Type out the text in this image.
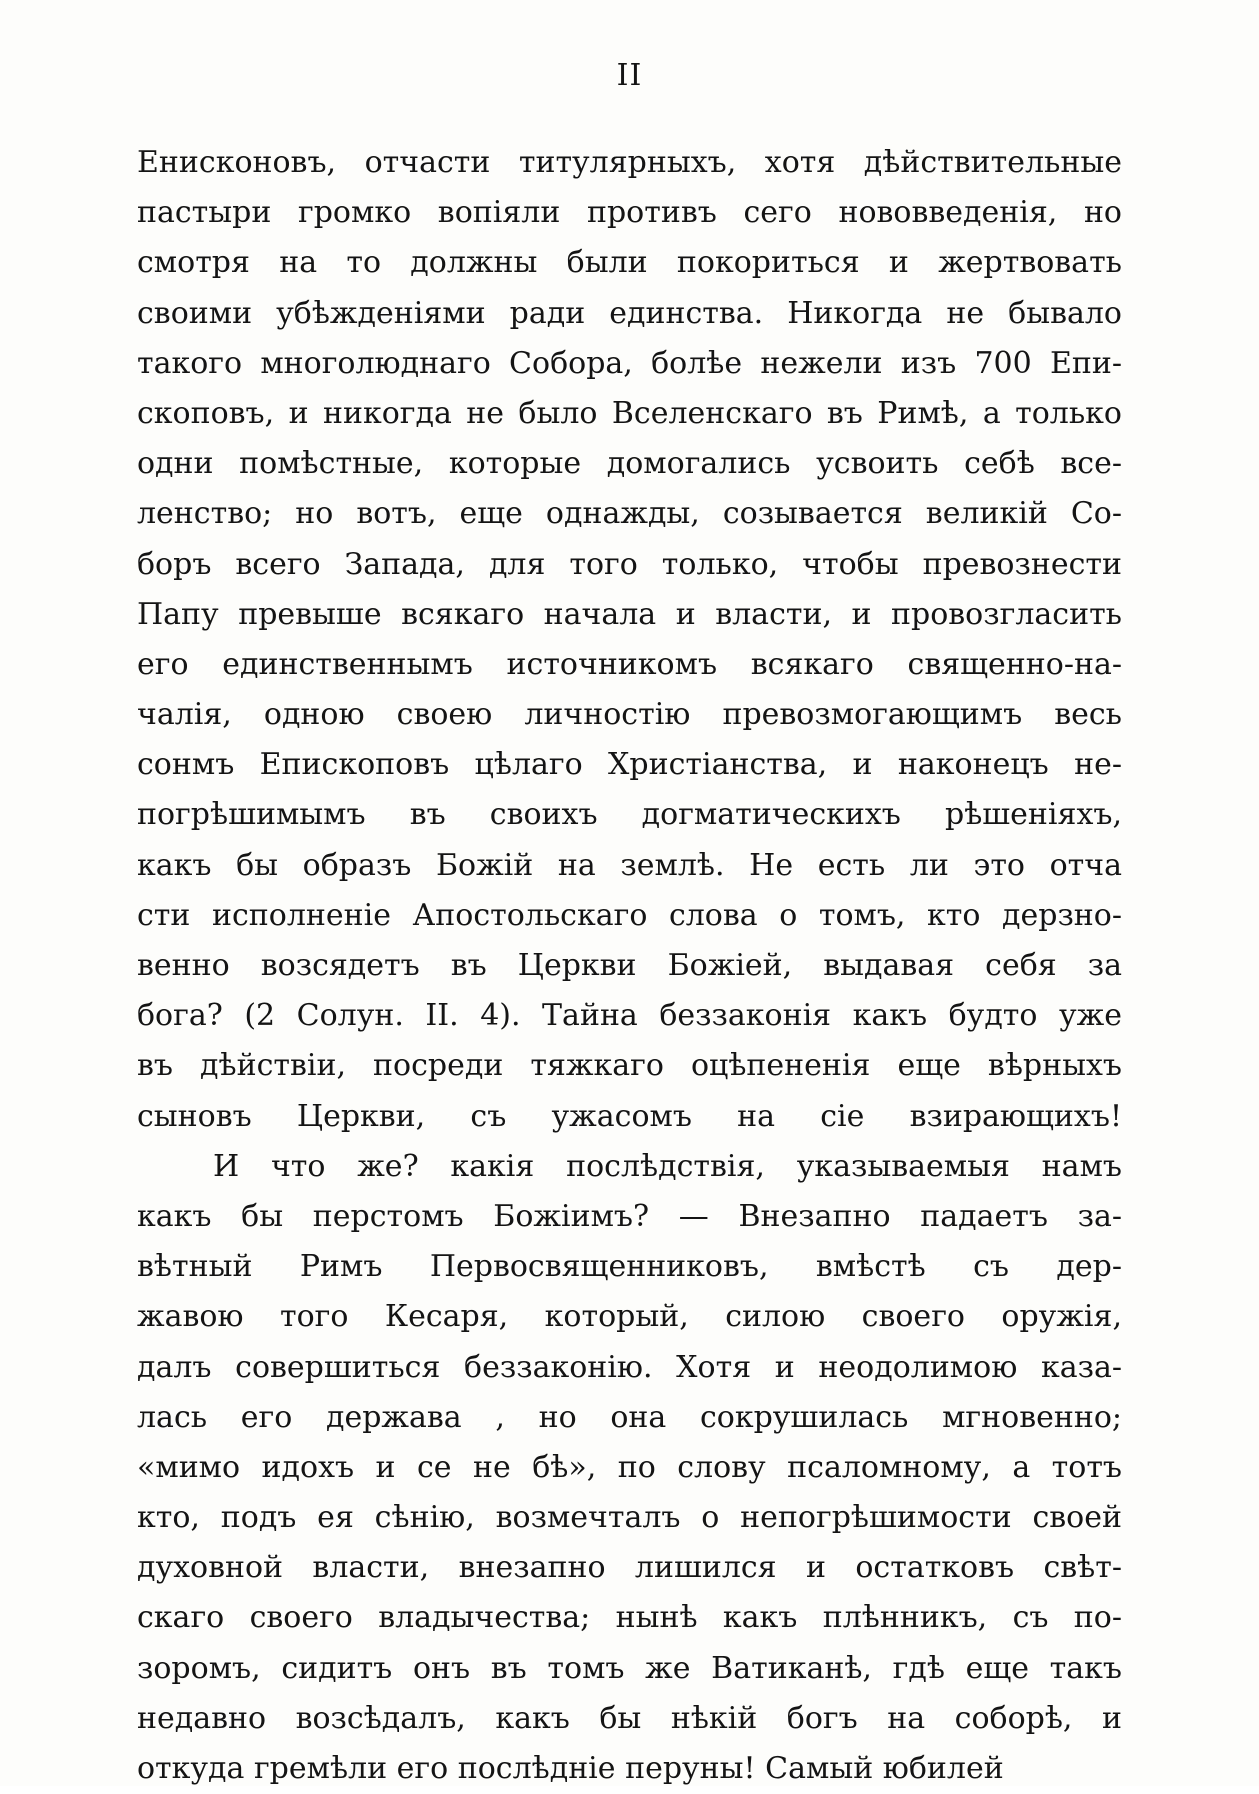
II
Енисконовъ, отчасти титулярныхъ, хотя дѣйствительные
пастыри громко вопіяли противъ сего нововведенія, но
смотря на то должны были покориться и жертвовать
своими убѣжденіями ради единства. Никогда не бывало
такого многолюднаго Собора, болѣе нежели изъ 700 Епи-
скоповъ, и никогда не было Вселенскаго въ Римѣ, а только
одни помѣстные, которые домогались усвоить себѣ все-
ленство; но вотъ, еще однажды, созывается великій Со-
боръ всего Запада, для того только, чтобы превознести
Папу превыше всякаго начала и власти, и провозгласить
его единственнымъ источникомъ всякаго священно-на-
чалія, одною своею личностію превозмогающимъ весь
сонмъ Епископовъ цѣлаго Христіанства, и наконецъ не-
погрѣшимымъ въ своихъ догматическихъ рѣшеніяхъ,
какъ бы образъ Божій на землѣ. Не есть ли это отча
сти исполненіе Апостольскаго слова о томъ, кто дерзно-
венно возсядетъ въ Церкви Божіей, выдавая себя за
бога? (2 Солун. II. 4). Тайна беззаконія какъ будто уже
въ дѣйствіи, посреди тяжкаго оцѣпененія еще вѣрныхъ
сыновъ Церкви, съ ужасомъ на сіе взирающихъ!
И что же? какія послѣдствія, указываемыя намъ
какъ бы перстомъ Божіимъ? — Внезапно падаетъ за-
вѣтный Римъ Первосвященниковъ, вмѣстѣ съ дер-
жавою того Кесаря, который, силою своего оружія,
далъ совершиться беззаконію. Хотя и неодолимою каза-
лась его держава , но она сокрушилась мгновенно;
«мимо идохъ и се не бѣ», по слову псаломному, а тотъ
кто, подъ ея сѣнію, возмечталъ о непогрѣшимости своей
духовной власти, внезапно лишился и остатковъ свѣт-
скаго своего владычества; нынѣ какъ плѣнникъ, съ по-
зоромъ, сидитъ онъ въ томъ же Ватиканѣ, гдѣ еще такъ
недавно возсѣдалъ, какъ бы нѣкій богъ на соборѣ, и
откуда гремѣли его послѣдніе перуны! Самый юбилей
